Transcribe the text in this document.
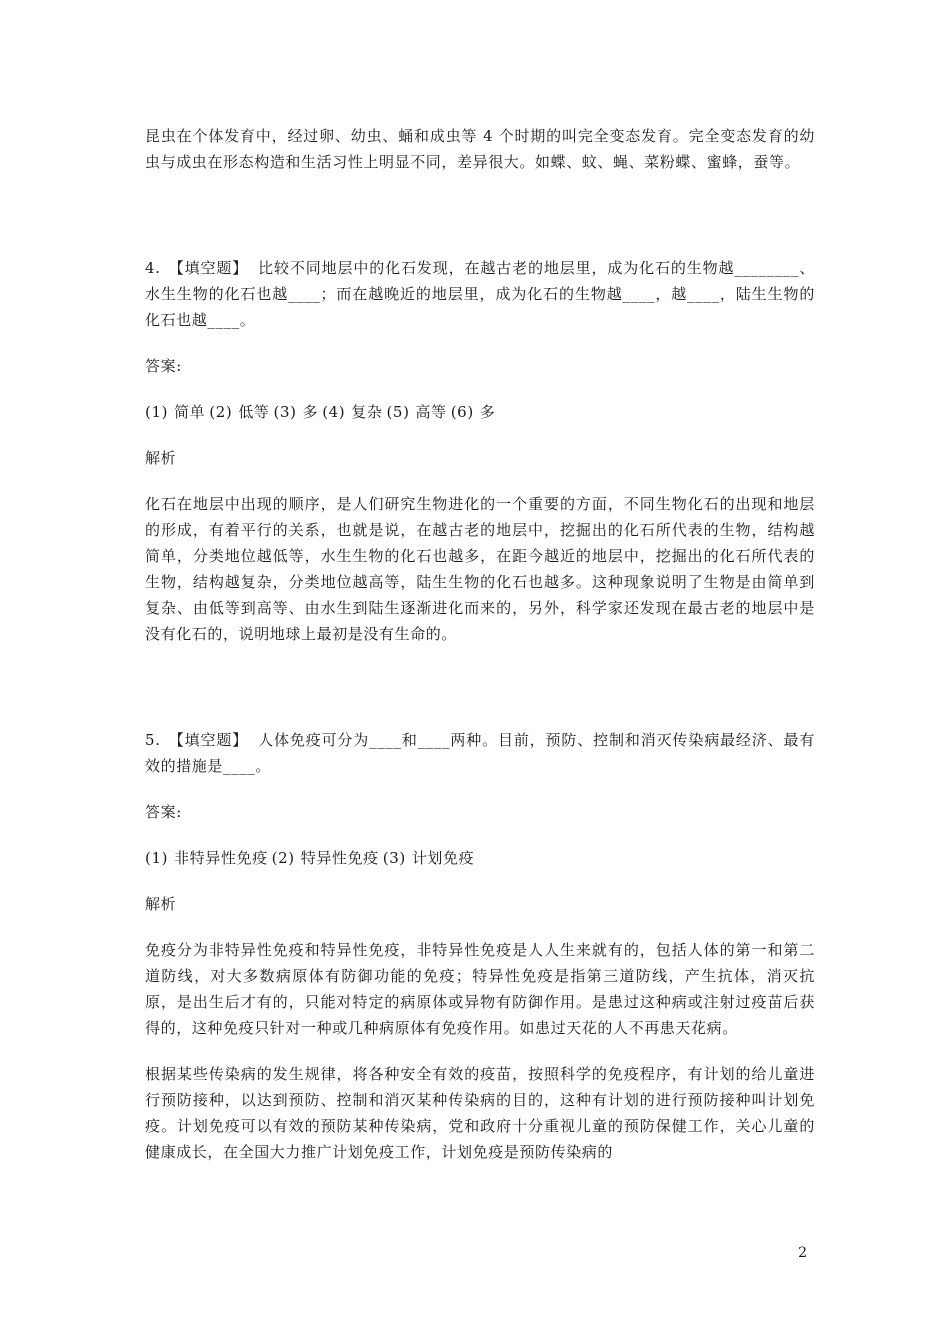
昆虫在个体发育中，经过卵、幼虫、蛹和成虫等 4 个时期的叫完全变态发育。完全变态发育的幼虫与成虫在形态构造和生活习性上明显不同，差异很大。如蝶、蚊、蝇、菜粉蝶、蜜蜂，蚕等。

4. 【填空题】 比较不同地层中的化石发现，在越古老的地层里，成为化石的生物越________、水生生物的化石也越____；而在越晚近的地层里，成为化石的生物越____，越____，陆生生物的化石也越____。

答案:

(1) 简单 (2) 低等 (3) 多 (4) 复杂 (5) 高等 (6) 多

解析

化石在地层中出现的顺序，是人们研究生物进化的一个重要的方面，不同生物化石的出现和地层的形成，有着平行的关系，也就是说，在越古老的地层中，挖掘出的化石所代表的生物，结构越简单，分类地位越低等，水生生物的化石也越多，在距今越近的地层中，挖掘出的化石所代表的生物，结构越复杂，分类地位越高等，陆生生物的化石也越多。这种现象说明了生物是由简单到复杂、由低等到高等、由水生到陆生逐渐进化而来的，另外，科学家还发现在最古老的地层中是没有化石的，说明地球上最初是没有生命的。

5. 【填空题】 人体免疫可分为____和____两种。目前，预防、控制和消灭传染病最经济、最有效的措施是____。

答案:

(1) 非特异性免疫 (2) 特异性免疫 (3) 计划免疫

解析

免疫分为非特异性免疫和特异性免疫，非特异性免疫是人人生来就有的，包括人体的第一和第二道防线，对大多数病原体有防御功能的免疫；特异性免疫是指第三道防线，产生抗体，消灭抗原，是出生后才有的，只能对特定的病原体或异物有防御作用。是患过这种病或注射过疫苗后获得的，这种免疫只针对一种或几种病原体有免疫作用。如患过天花的人不再患天花病。

根据某些传染病的发生规律，将各种安全有效的疫苗，按照科学的免疫程序，有计划的给儿童进行预防接种，以达到预防、控制和消灭某种传染病的目的，这种有计划的进行预防接种叫计划免疫。计划免疫可以有效的预防某种传染病，党和政府十分重视儿童的预防保健工作，关心儿童的健康成长，在全国大力推广计划免疫工作，计划免疫是预防传染病的

2
